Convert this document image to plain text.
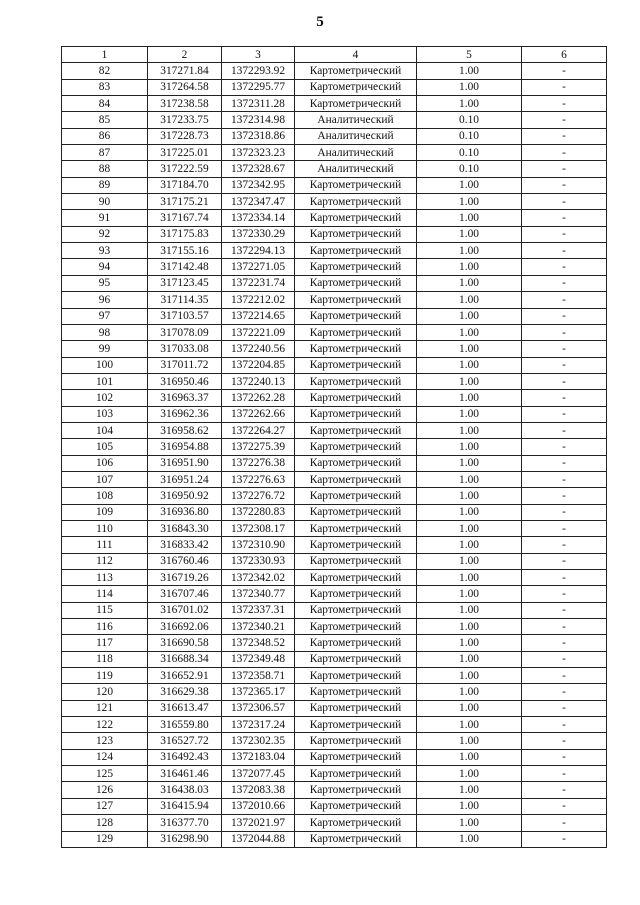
5
1	2	3	4	5	6
82	317271.84	1372293.92	Картометрический	1.00	-
83	317264.58	1372295.77	Картометрический	1.00	-
84	317238.58	1372311.28	Картометрический	1.00	-
85	317233.75	1372314.98	Аналитический	0.10	-
86	317228.73	1372318.86	Аналитический	0.10	-
87	317225.01	1372323.23	Аналитический	0.10	-
88	317222.59	1372328.67	Аналитический	0.10	-
89	317184.70	1372342.95	Картометрический	1.00	-
90	317175.21	1372347.47	Картометрический	1.00	-
91	317167.74	1372334.14	Картометрический	1.00	-
92	317175.83	1372330.29	Картометрический	1.00	-
93	317155.16	1372294.13	Картометрический	1.00	-
94	317142.48	1372271.05	Картометрический	1.00	-
95	317123.45	1372231.74	Картометрический	1.00	-
96	317114.35	1372212.02	Картометрический	1.00	-
97	317103.57	1372214.65	Картометрический	1.00	-
98	317078.09	1372221.09	Картометрический	1.00	-
99	317033.08	1372240.56	Картометрический	1.00	-
100	317011.72	1372204.85	Картометрический	1.00	-
101	316950.46	1372240.13	Картометрический	1.00	-
102	316963.37	1372262.28	Картометрический	1.00	-
103	316962.36	1372262.66	Картометрический	1.00	-
104	316958.62	1372264.27	Картометрический	1.00	-
105	316954.88	1372275.39	Картометрический	1.00	-
106	316951.90	1372276.38	Картометрический	1.00	-
107	316951.24	1372276.63	Картометрический	1.00	-
108	316950.92	1372276.72	Картометрический	1.00	-
109	316936.80	1372280.83	Картометрический	1.00	-
110	316843.30	1372308.17	Картометрический	1.00	-
111	316833.42	1372310.90	Картометрический	1.00	-
112	316760.46	1372330.93	Картометрический	1.00	-
113	316719.26	1372342.02	Картометрический	1.00	-
114	316707.46	1372340.77	Картометрический	1.00	-
115	316701.02	1372337.31	Картометрический	1.00	-
116	316692.06	1372340.21	Картометрический	1.00	-
117	316690.58	1372348.52	Картометрический	1.00	-
118	316688.34	1372349.48	Картометрический	1.00	-
119	316652.91	1372358.71	Картометрический	1.00	-
120	316629.38	1372365.17	Картометрический	1.00	-
121	316613.47	1372306.57	Картометрический	1.00	-
122	316559.80	1372317.24	Картометрический	1.00	-
123	316527.72	1372302.35	Картометрический	1.00	-
124	316492.43	1372183.04	Картометрический	1.00	-
125	316461.46	1372077.45	Картометрический	1.00	-
126	316438.03	1372083.38	Картометрический	1.00	-
127	316415.94	1372010.66	Картометрический	1.00	-
128	316377.70	1372021.97	Картометрический	1.00	-
129	316298.90	1372044.88	Картометрический	1.00	-
